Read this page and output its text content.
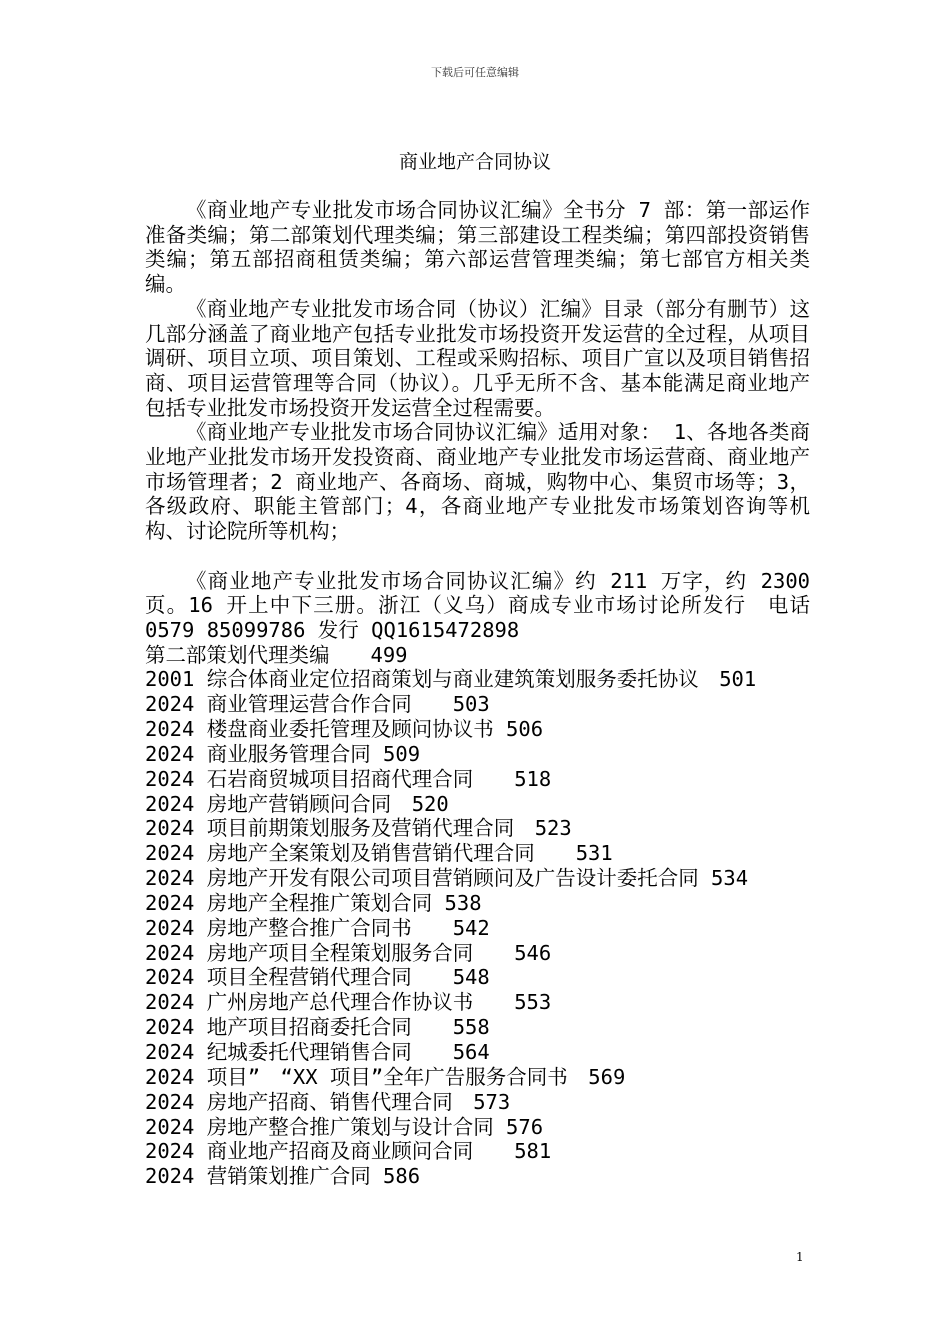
下载后可任意编辑
商业地产合同协议

《商业地产专业批发市场合同协议汇编》全书分 7 部：第一部运作准备类编；第二部策划代理类编；第三部建设工程类编；第四部投资销售类编；第五部招商租赁类编；第六部运营管理类编；第七部官方相关类编。

《商业地产专业批发市场合同（协议）汇编》目录（部分有删节）这几部分涵盖了商业地产包括专业批发市场投资开发运营的全过程，从项目调研、项目立项、项目策划、工程或采购招标、项目广宣以及项目销售招商、项目运营管理等合同（协议）。几乎无所不含、基本能满足商业地产包括专业批发市场投资开发运营全过程需要。

《商业地产专业批发市场合同协议汇编》适用对象： 1、各地各类商业地产业批发市场开发投资商、商业地产专业批发市场运营商、商业地产市场管理者；2 商业地产、各商场、商城，购物中心、集贸市场等；3，各级政府、职能主管部门；4，各商业地产专业批发市场策划咨询等机构、讨论院所等机构；

《商业地产专业批发市场合同协议汇编》约 211 万字，约 2300 页。16 开上中下三册。浙江（义乌）商成专业市场讨论所发行　电话 0579 85099786 发行 QQ1615472898

第二部策划代理类编　　499

2001 综合体商业定位招商策划与商业建筑策划服务委托协议　501
2024 商业管理运营合作合同　　503
2024 楼盘商业委托管理及顾问协议书 506
2024 商业服务管理合同 509
2024 石岩商贸城项目招商代理合同　　518
2024 房地产营销顾问合同　520
2024 项目前期策划服务及营销代理合同　523
2024 房地产全案策划及销售营销代理合同　　531
2024 房地产开发有限公司项目营销顾问及广告设计委托合同 534
2024 房地产全程推广策划合同 538
2024 房地产整合推广合同书　　542
2024 房地产项目全程策划服务合同　　546
2024 项目全程营销代理合同　　548
2024 广州房地产总代理合作协议书　　553
2024 地产项目招商委托合同　　558
2024 纪城委托代理销售合同　　564
2024 项目”　“XX 项目”全年广告服务合同书　569
2024 房地产招商、销售代理合同　573
2024 房地产整合推广策划与设计合同 576
2024 商业地产招商及商业顾问合同　　581
2024 营销策划推广合同 586
1
